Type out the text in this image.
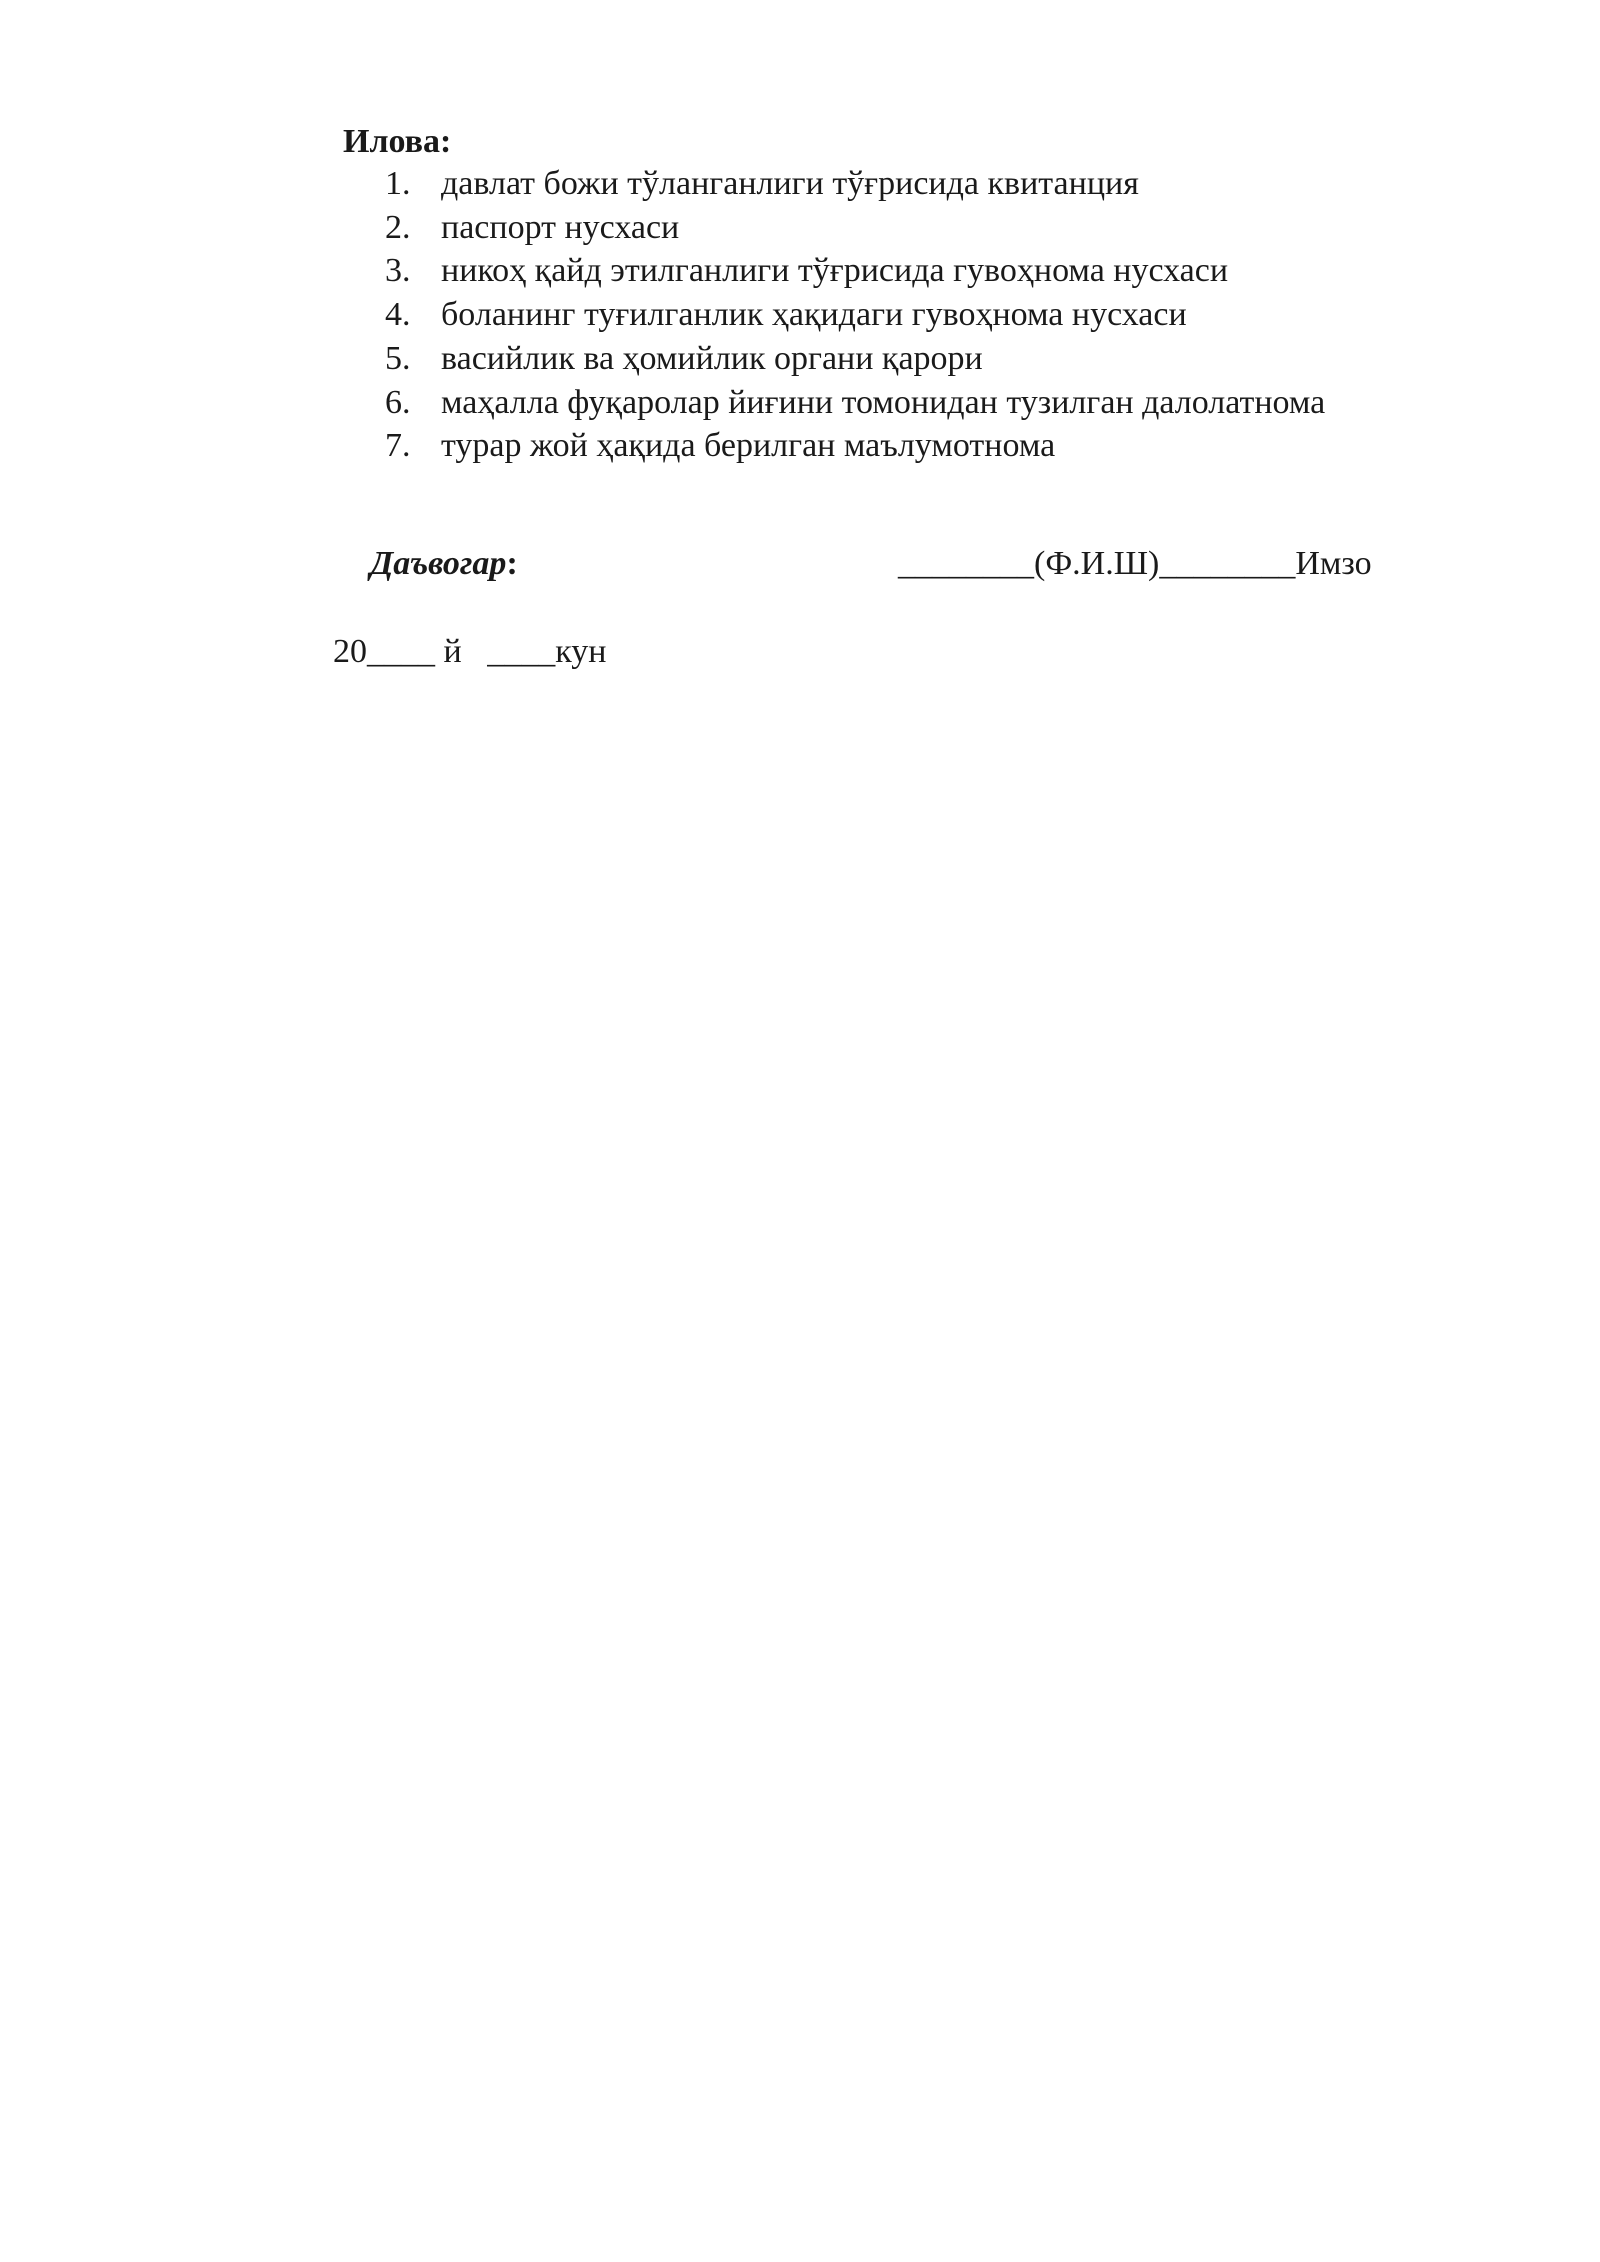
Илова:
1. давлат божи тўланганлиги тўғрисида квитанция
2. паспорт нусхаси
3. никоҳ қайд этилганлиги тўғрисида гувоҳнома нусхаси
4. боланинг туғилганлик ҳақидаги гувоҳнома нусхаси
5. васийлик ва ҳомийлик органи қарори
6. маҳалла фуқаролар йиғини томонидан тузилган далолатнома
7. турар жой ҳақида берилган маълумотнома
Даъвогар:	________(Ф.И.Ш)________Имзо
20____ й   ____кун
